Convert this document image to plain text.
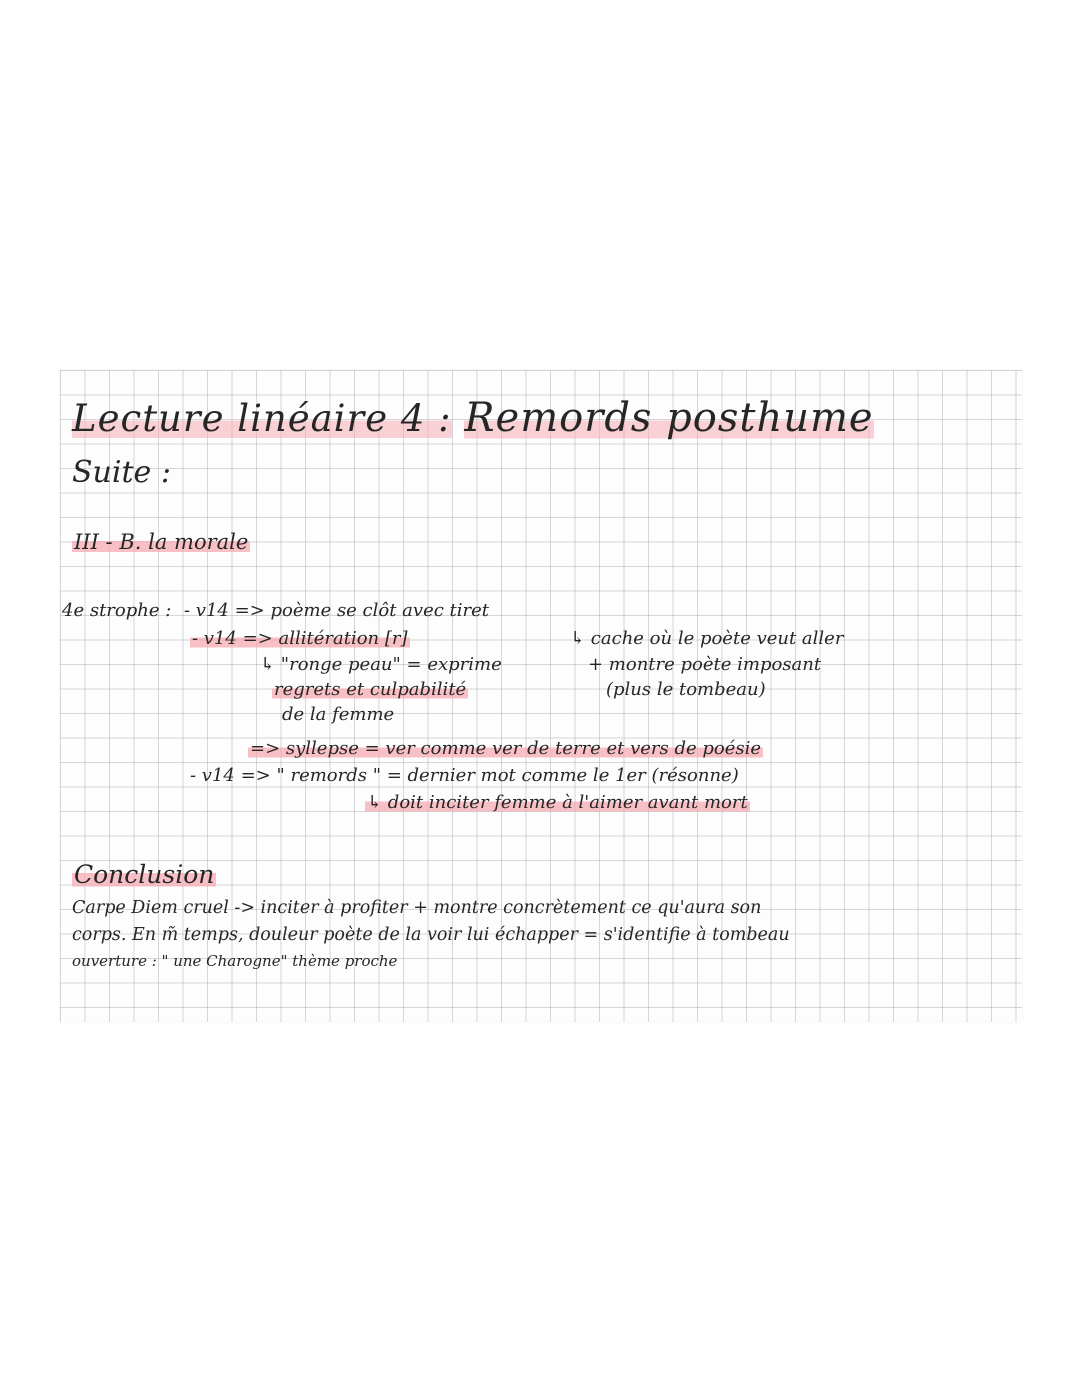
Lecture linéaire 4 : Remords posthume
Suite :
III - B. la morale
4e strophe : - v14 => poème se clôt avec tiret
- v14 => allitération [r]
↳ "ronge peau" = exprime
regrets et culpabilité
de la femme
↳ cache où le poète veut aller
+ montre poète imposant
(plus le tombeau)
=> syllepse = ver comme ver de terre et vers de poésie
- v14 => " remords " = dernier mot comme le 1er (résonne)
↳ doit inciter femme à l'aimer avant mort
Conclusion
Carpe Diem cruel -> inciter à profiter + montre concrètement ce qu'aura son
corps. En m̃ temps, douleur poète de la voir lui échapper = s'identifie à tombeau
ouverture : " une Charogne" thème proche
